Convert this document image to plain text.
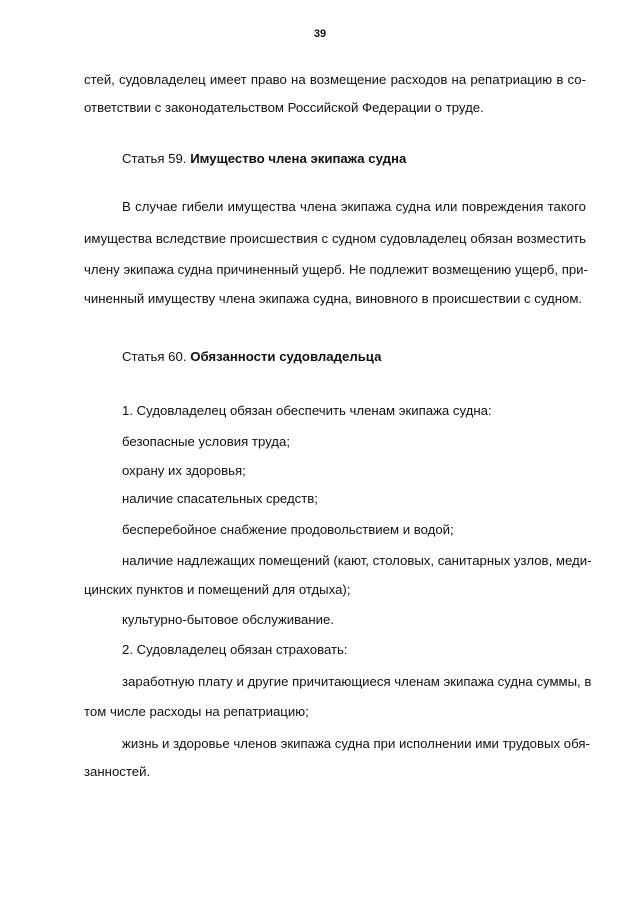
39
стей, судовладелец имеет право на возмещение расходов на репатриацию в со-
ответствии с законодательством Российской Федерации о труде.
Статья 59. Имущество члена экипажа судна
В случае гибели имущества члена экипажа судна или повреждения такого
имущества вследствие происшествия с судном судовладелец обязан возместить
члену экипажа судна причиненный ущерб. Не подлежит возмещению ущерб, при-
чиненный имуществу члена экипажа судна, виновного в происшествии с судном.
Статья 60. Обязанности судовладельца
1. Судовладелец обязан обеспечить членам экипажа судна:
безопасные условия труда;
охрану их здоровья;
наличие спасательных средств;
бесперебойное снабжение продовольствием и водой;
наличие надлежащих помещений (кают, столовых, санитарных узлов, меди-
цинских пунктов и помещений для отдыха);
культурно-бытовое обслуживание.
2. Судовладелец обязан страховать:
заработную плату и другие причитающиеся членам экипажа судна суммы, в
том числе расходы на репатриацию;
жизнь и здоровье членов экипажа судна при исполнении ими трудовых обя-
занностей.
